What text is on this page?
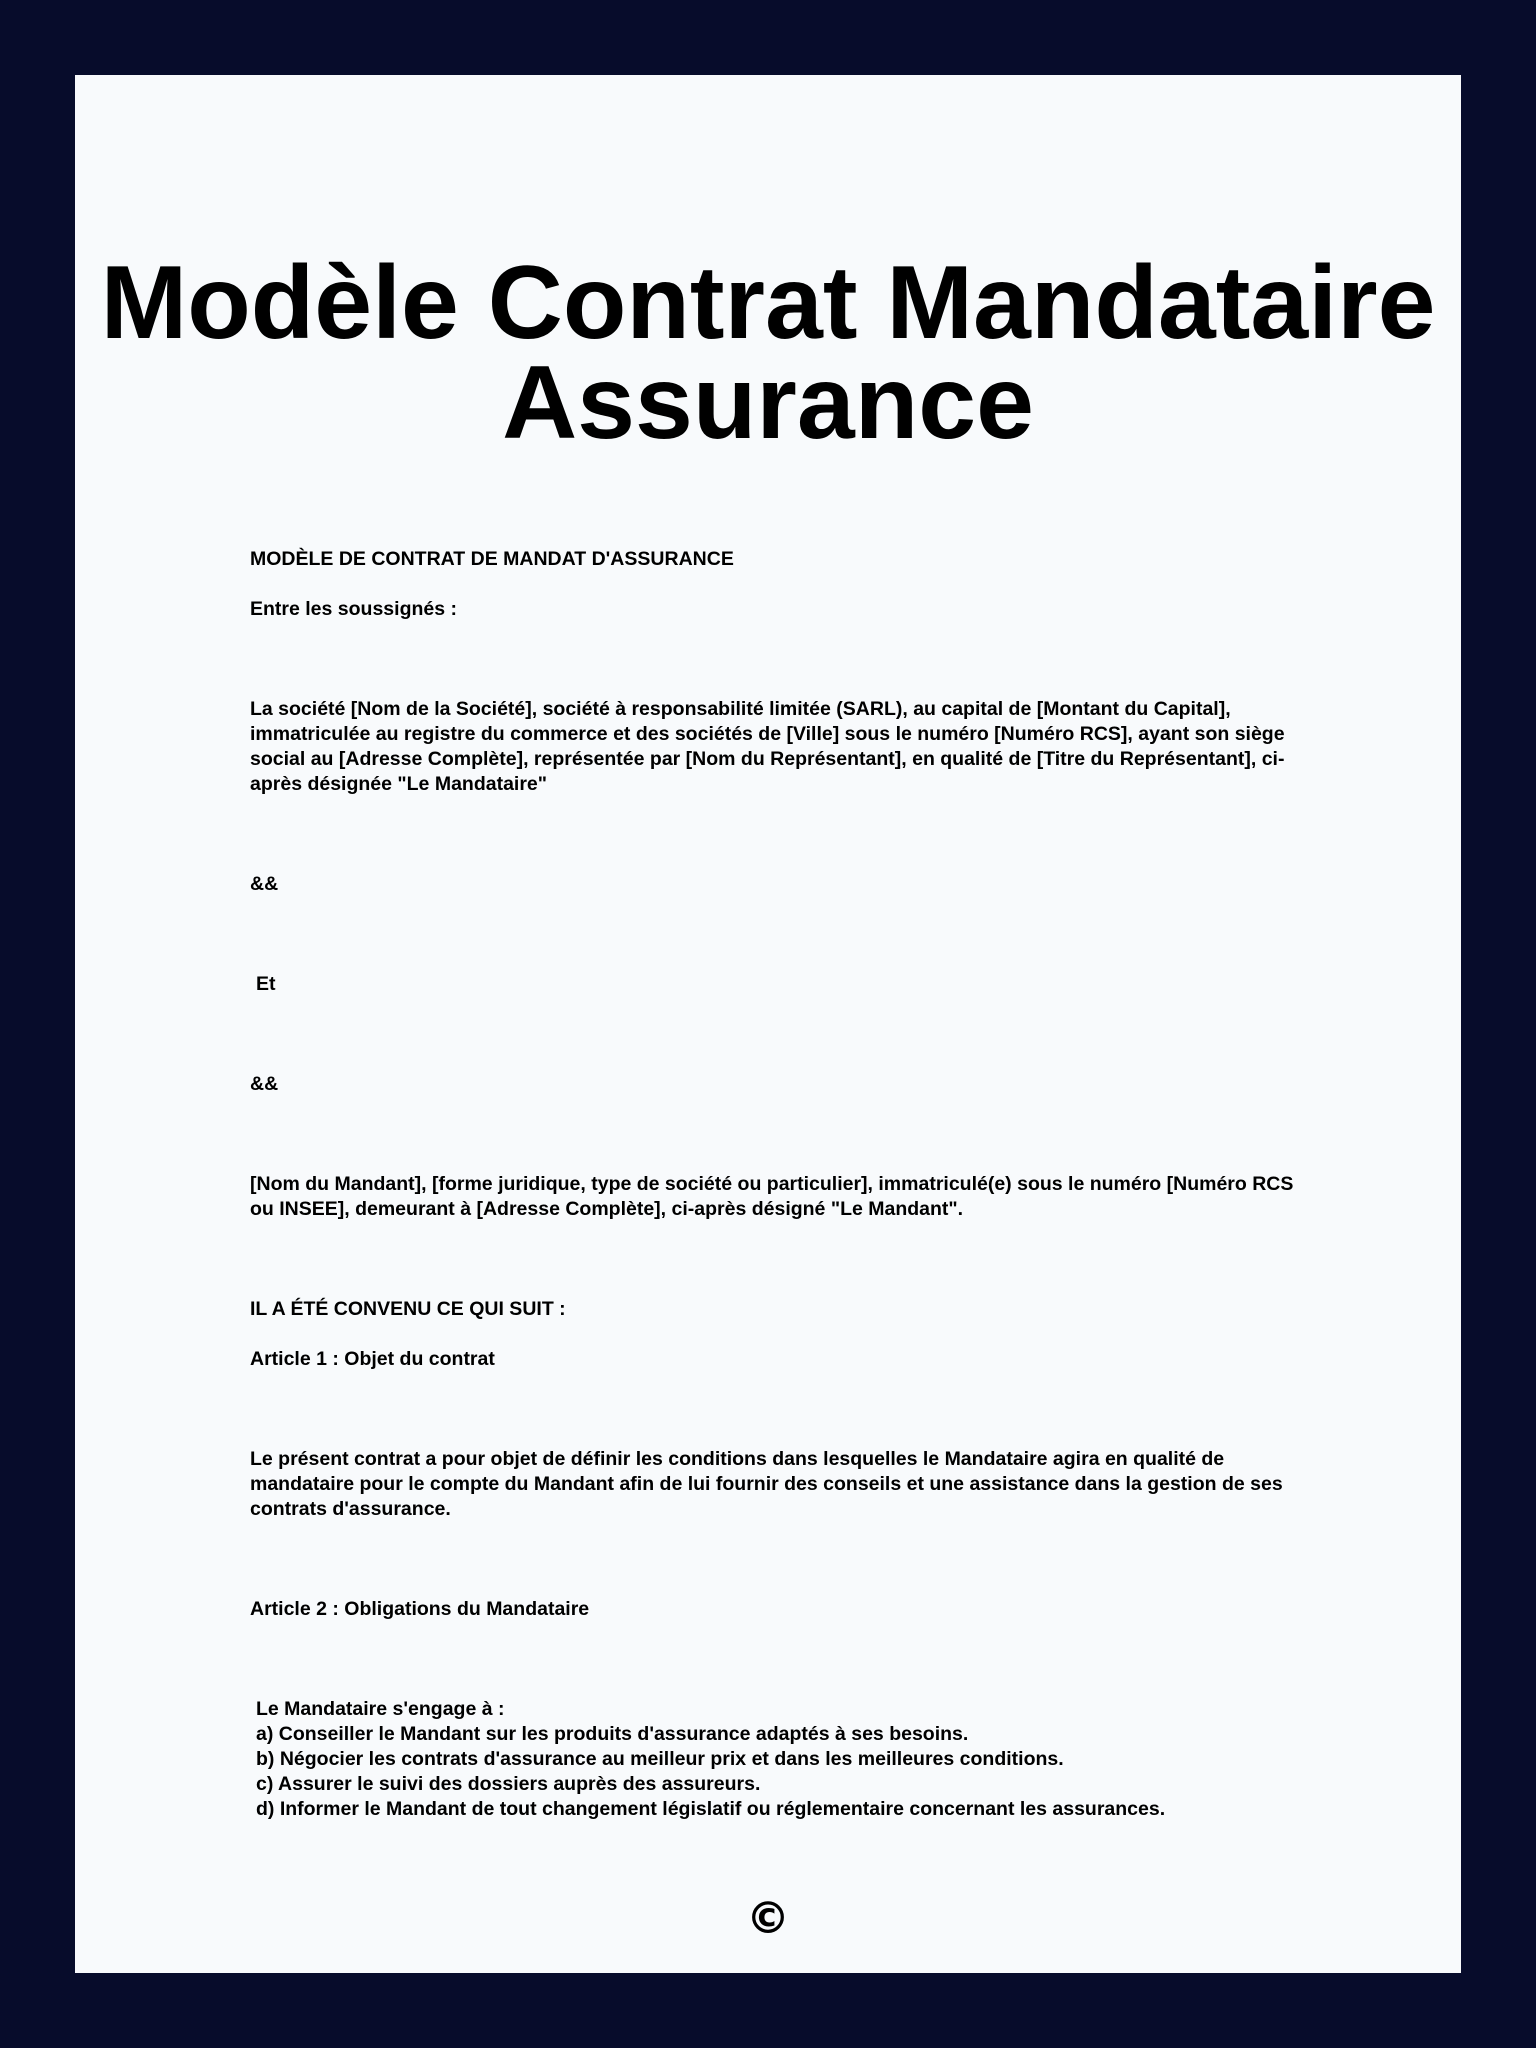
Modèle Contrat Mandataire Assurance

MODÈLE DE CONTRAT DE MANDAT D'ASSURANCE

Entre les soussignés :

La société [Nom de la Société], société à responsabilité limitée (SARL), au capital de [Montant du Capital], immatriculée au registre du commerce et des sociétés de [Ville] sous le numéro [Numéro RCS], ayant son siège social au [Adresse Complète], représentée par [Nom du Représentant], en qualité de [Titre du Représentant], ci-après désignée "Le Mandataire"

&&

Et

&&

[Nom du Mandant], [forme juridique, type de société ou particulier], immatriculé(e) sous le numéro [Numéro RCS ou INSEE], demeurant à [Adresse Complète], ci-après désigné "Le Mandant".

IL A ÉTÉ CONVENU CE QUI SUIT :

Article 1 : Objet du contrat

Le présent contrat a pour objet de définir les conditions dans lesquelles le Mandataire agira en qualité de mandataire pour le compte du Mandant afin de lui fournir des conseils et une assistance dans la gestion de ses contrats d'assurance.

Article 2 : Obligations du Mandataire

Le Mandataire s'engage à :

a) Conseiller le Mandant sur les produits d'assurance adaptés à ses besoins.

b) Négocier les contrats d'assurance au meilleur prix et dans les meilleures conditions.

c) Assurer le suivi des dossiers auprès des assureurs.

d) Informer le Mandant de tout changement législatif ou réglementaire concernant les assurances.

©
